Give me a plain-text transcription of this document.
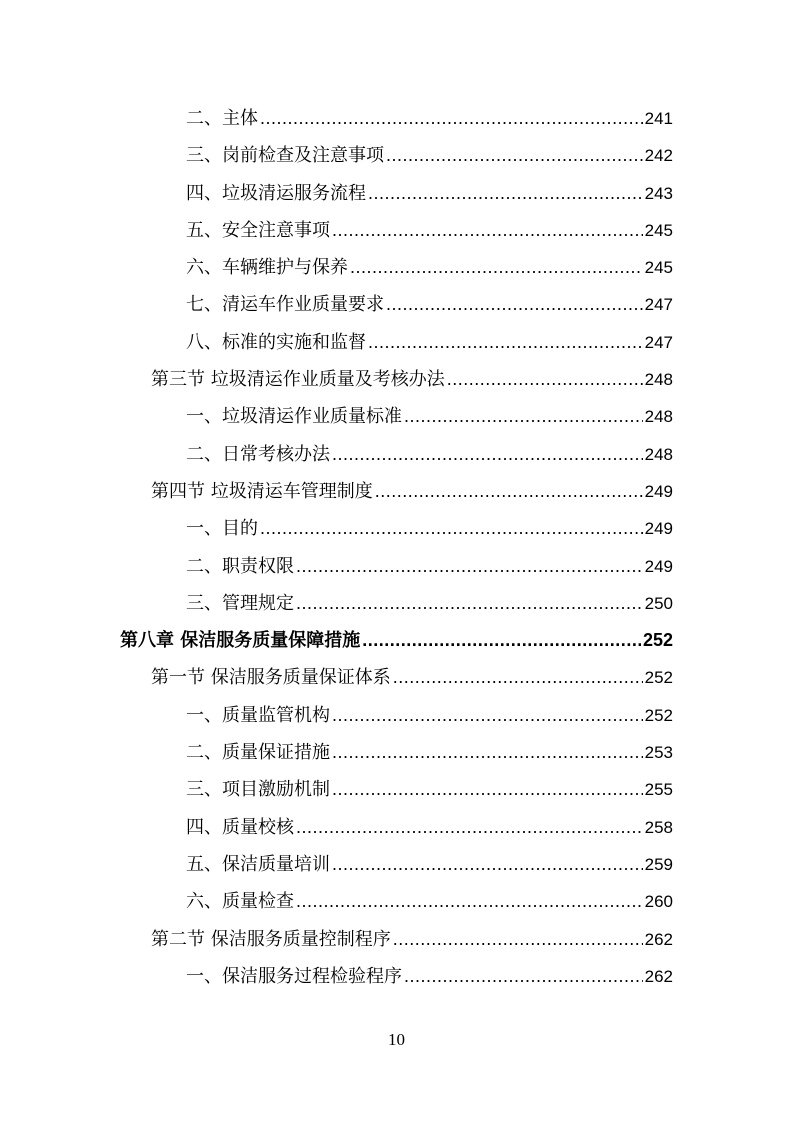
二、主体 .....	241
三、岗前检查及注意事项 .....	242
四、垃圾清运服务流程 .....	243
五、安全注意事项 .....	245
六、车辆维护与保养 .....	245
七、清运车作业质量要求 .....	247
八、标准的实施和监督 .....	247
第三节 垃圾清运作业质量及考核办法 .....	248
一、垃圾清运作业质量标准 .....	248
二、日常考核办法 .....	248
第四节 垃圾清运车管理制度 .....	249
一、目的 .....	249
二、职责权限 .....	249
三、管理规定 .....	250
第八章 保洁服务质量保障措施 .....	252
第一节 保洁服务质量保证体系 .....	252
一、质量监管机构 .....	252
二、质量保证措施 .....	253
三、项目激励机制 .....	255
四、质量校核 .....	258
五、保洁质量培训 .....	259
六、质量检查 .....	260
第二节 保洁服务质量控制程序 .....	262
一、保洁服务过程检验程序 .....	262
10
